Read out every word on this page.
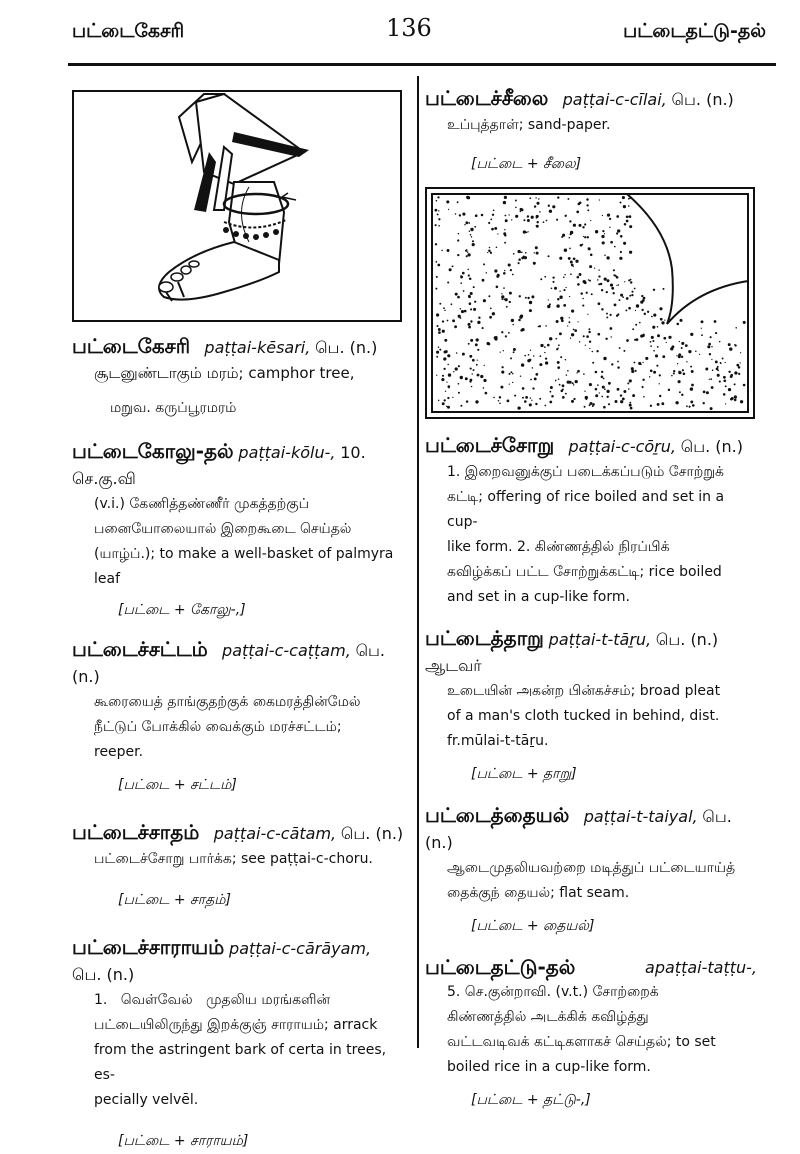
பட்டைகேசரி	136	பட்டைதட்டு-தல்
பட்டைகேசரி paṭṭai-kēsari, பெ. (n.)
சூடனுண்டாகும் மரம்; camphor tree,
மறுவ. கருப்பூரமரம்
பட்டைகோலு-தல் paṭṭai-kōlu-, 10. செ.கு.வி
(v.i.) கேணித்தண்ணீர் முகத்தற்குப்
பனையோலையால் இறைகூடை செய்தல்
(யாழ்ப்.); to make a well-basket of palmyra leaf
[பட்டை + கோலு-,]
பட்டைச்சட்டம் paṭṭai-c-caṭṭam, பெ. (n.)
கூரையைத் தாங்குதற்குக் கைமரத்தின்மேல்
நீட்டுப் போக்கில் வைக்கும் மரச்சட்டம்;
reeper.
[பட்டை + சட்டம்]
பட்டைச்சாதம் paṭṭai-c-cātam, பெ. (n.)
பட்டைச்சோறு பார்க்க; see paṭṭai-c-choru.
[பட்டை + சாதம்]
பட்டைச்சாராயம் paṭṭai-c-cārāyam, பெ. (n.)
1.   வெள்வேல்   முதலிய மரங்களின்
பட்டையிலிருந்து இறக்குஞ் சாராயம்; arrack
from the astringent bark of certa in trees, es-
pecially velvēl.
[பட்டை + சாராயம்]
பட்டைச்சீலை paṭṭai-c-cīlai, பெ. (n.)
உப்புத்தாள்; sand-paper.
[பட்டை + சீலை]
பட்டைச்சோறு paṭṭai-c-cōṟu, பெ. (n.)
1. இறைவனுக்குப் படைக்கப்படும் சோற்றுக்
கட்டி; offering of rice boiled and set in a cup-
like form. 2. கிண்ணத்தில் நிரப்பிக்
கவிழ்க்கப் பட்ட சோற்றுக்கட்டி; rice boiled
and set in a cup-like form.
பட்டைத்தாறு paṭṭai-t-tāṟu, பெ. (n.) ஆடவர்
உடையின் அகன்ற பின்கச்சம்; broad pleat
of a man's cloth tucked in behind, dist.
fr.mūlai-t-tāṟu.
[பட்டை + தாறு]
பட்டைத்தையல் paṭṭai-t-taiyal, பெ. (n.)
ஆடைமுதலியவற்றை மடித்துப் பட்டையாய்த்
தைக்குந் தையல்; flat seam.
[பட்டை + தையல்]
பட்டைதட்டு-தல்	apaṭṭai-taṭṭu-,
5. செ.குன்றாவி. (v.t.) சோற்றைக்
கிண்ணத்தில் அடக்கிக் கவிழ்த்து
வட்டவடிவக் கட்டிகளாகச் செய்தல்; to set
boiled rice in a cup-like form.
[பட்டை + தட்டு-,]
